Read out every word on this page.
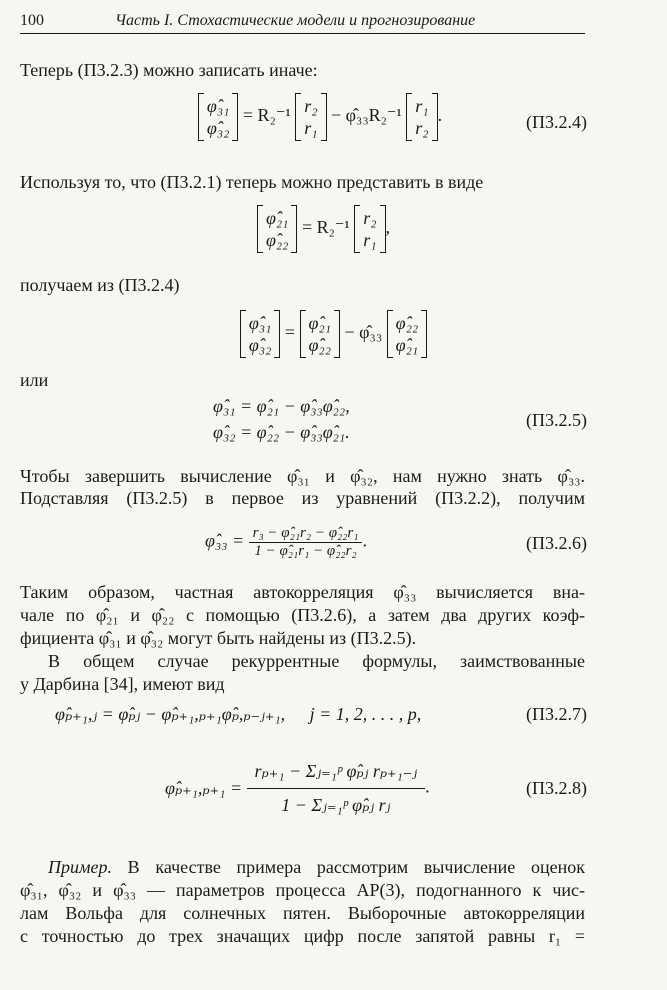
100	Часть I. Стохастические модели и прогнозирование
Теперь (П3.2.3) можно записать иначе:
φ̂₃₁
φ̂₃₂
= R₂⁻¹ r₂
r₁
− φ̂₃₃R₂⁻¹ r₁
r₂
.	(П3.2.4)
Используя то, что (П3.2.1) теперь можно представить в виде
φ̂₂₁
φ̂₂₂
= R₂⁻¹ r₂
r₁
,
получаем из (П3.2.4)
φ̂₃₁
φ̂₃₂
= φ̂₂₁
φ̂₂₂
− φ̂₃₃ φ̂₂₂
φ̂₂₁
или
φ̂₃₁ = φ̂₂₁ − φ̂₃₃φ̂₂₂,
φ̂₃₂ = φ̂₂₂ − φ̂₃₃φ̂₂₁.
(П3.2.5)
Чтобы завершить вычисление φ̂₃₁ и φ̂₃₂, нам нужно знать φ̂₃₃.
Подставляя (П3.2.5) в первое из уравнений (П3.2.2), получим
φ̂₃₃ = $\frac{\text{r₃ − φ̂₂₁r₂ − φ̂₂₂r₁}}{\text{1 − φ̂₂₁r₁ − φ̂₂₂r₂}}$ .	(П3.2.6)
Таким образом, частная автокорреляция φ̂₃₃ вычисляется вна-
чале по φ̂₂₁ и φ̂₂₂ с помощью (П3.2.6), а затем два других коэф-
фициента φ̂₃₁ и φ̂₃₂ могут быть найдены из (П3.2.5).
В общем случае рекуррентные формулы, заимствованные
у Дарбина [34], имеют вид
φ̂ₚ₊₁,ⱼ = φ̂ₚⱼ − φ̂ₚ₊₁,ₚ₊₁φ̂ₚ,ₚ₋ⱼ₊₁, j = 1, 2, . . . , p,	(П3.2.7)
φ̂ₚ₊₁,ₚ₊₁ = $\frac{\text{rₚ₊₁ − Σⱼ₌₁ᵖ φ̂ₚⱼ rₚ₊₁₋ⱼ}}{\text{1 − Σⱼ₌₁ᵖ φ̂ₚⱼ rⱼ}}$ .	(П3.2.8)
Пример. В качестве примера рассмотрим вычисление оценок
φ̂₃₁, φ̂₃₂ и φ̂₃₃ — параметров процесса АР(3), подогнанного к чис-
лам Вольфа для солнечных пятен. Выборочные автокорреляции
с точностью до трех значащих цифр после запятой равны r₁ =
